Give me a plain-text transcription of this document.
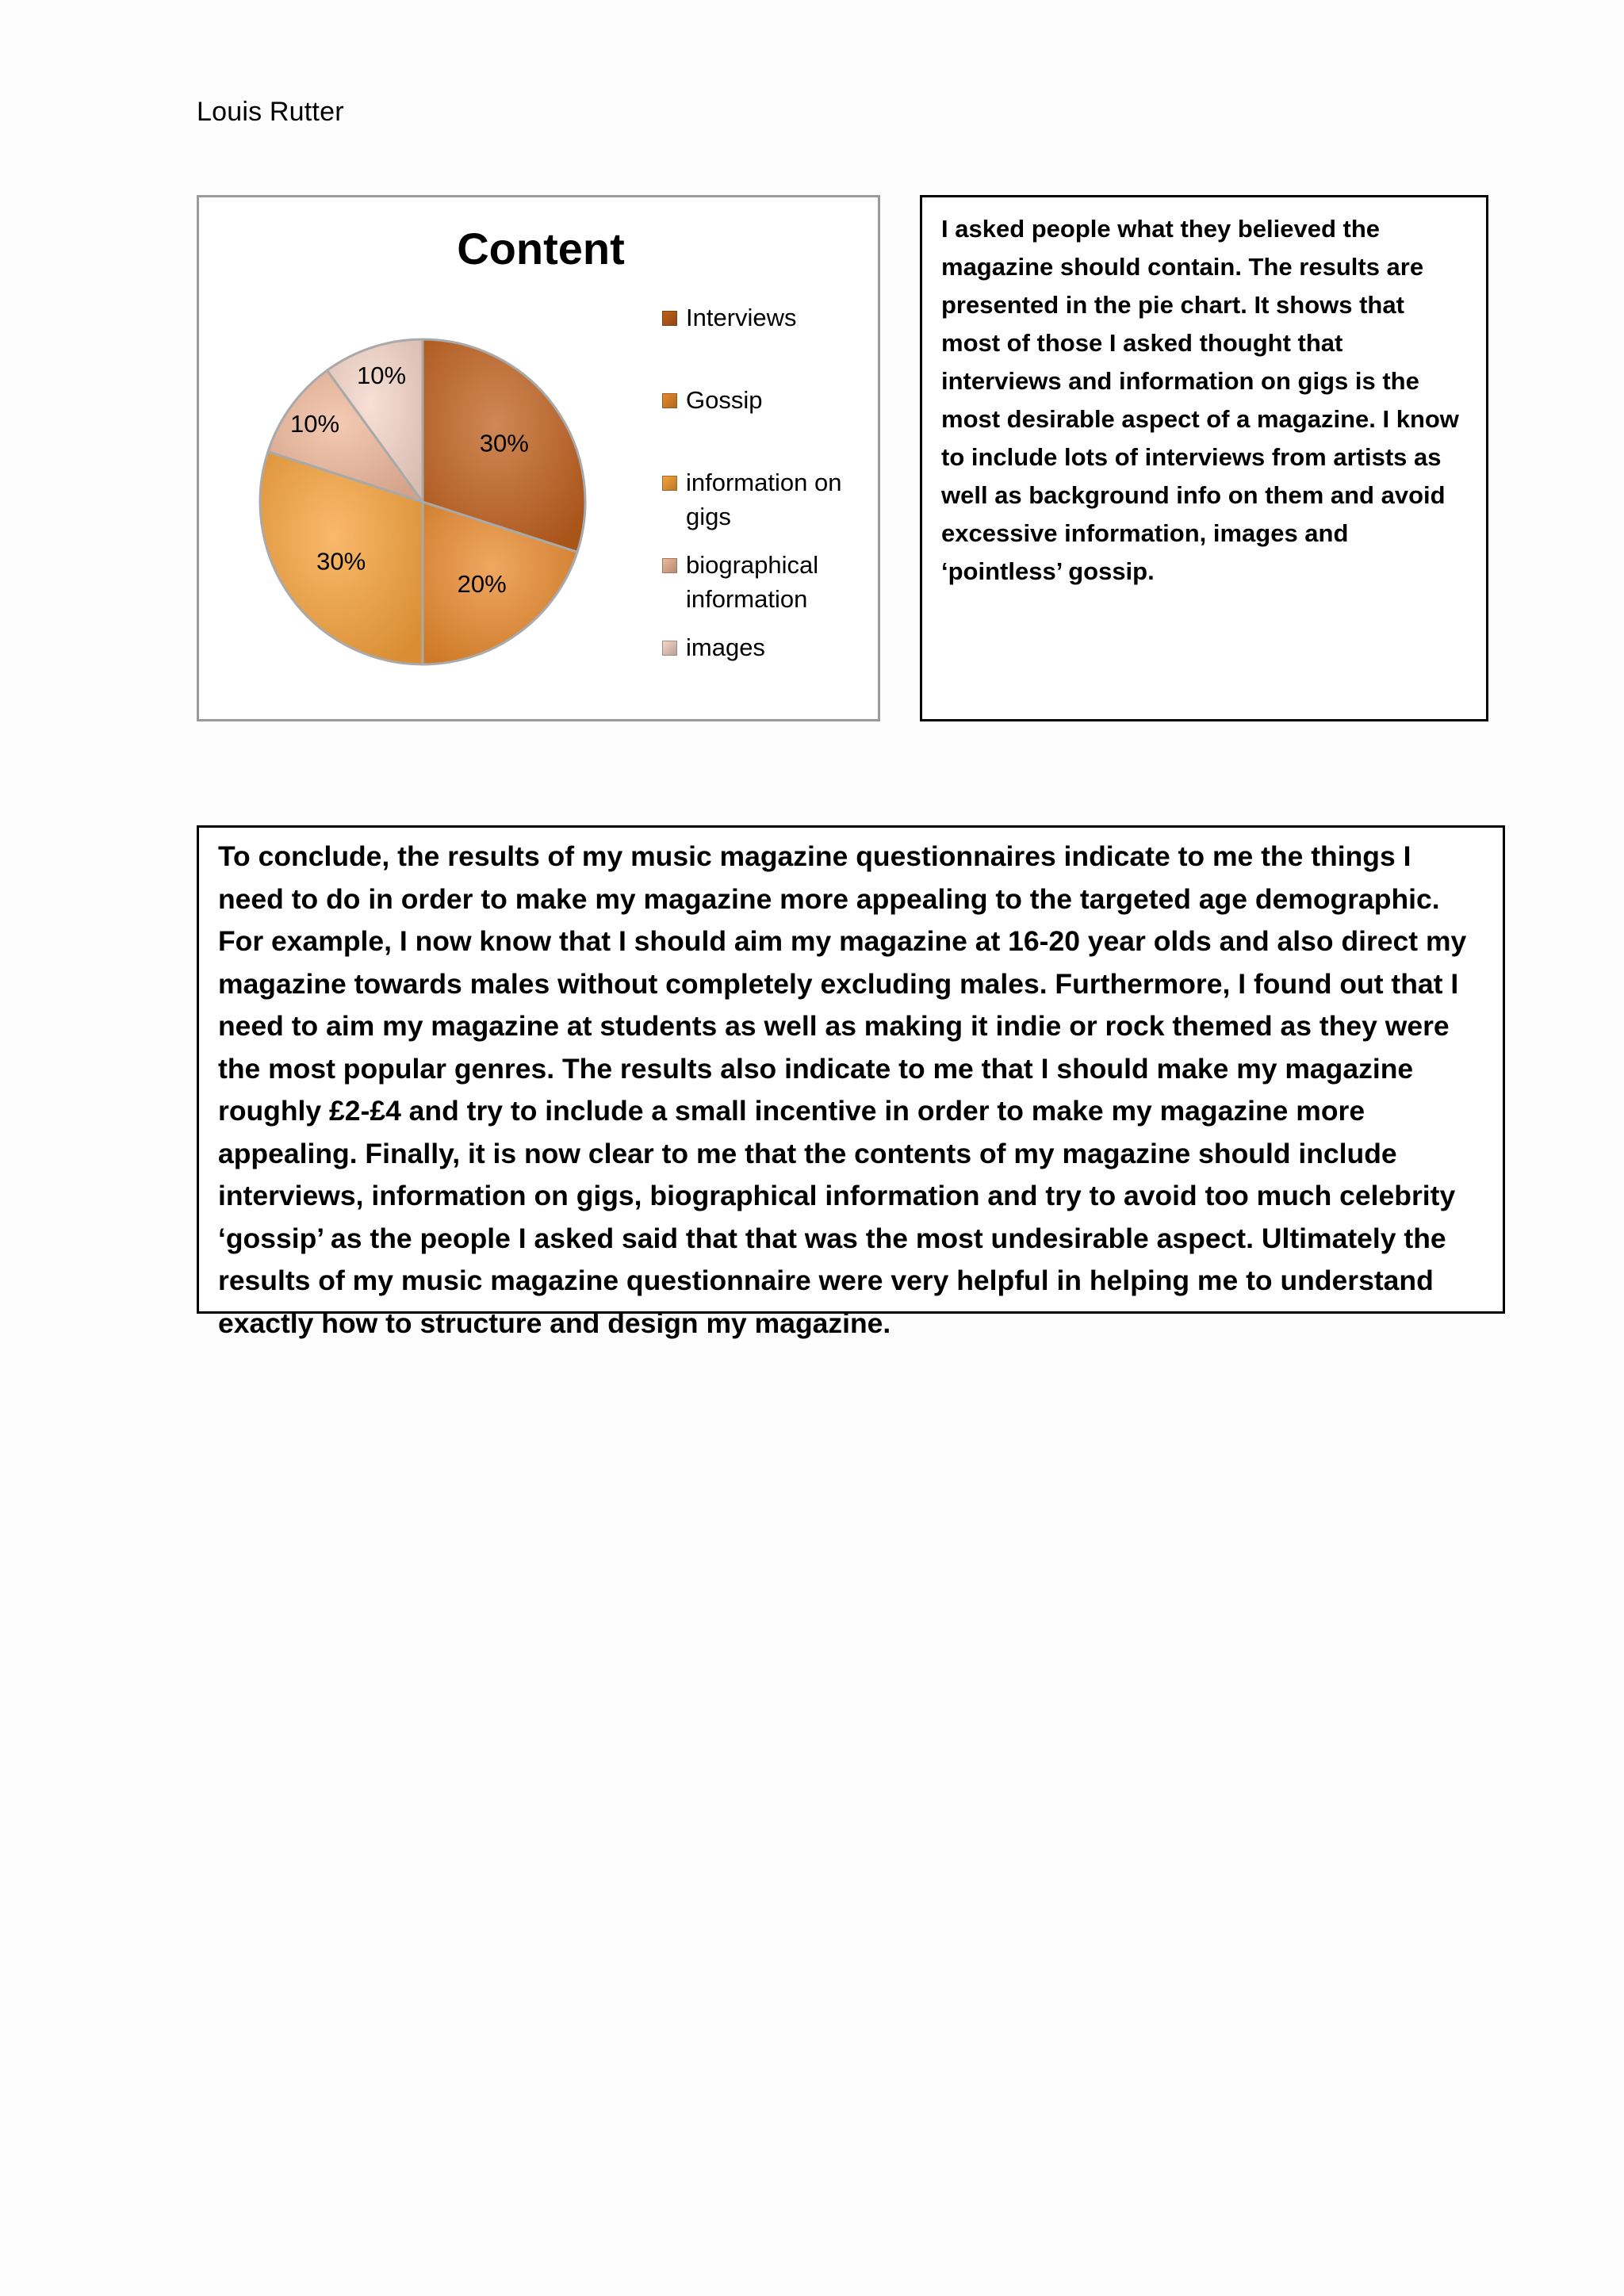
Louis Rutter
Content
30%
20%
30%
10%
10%
Interviews
Gossip
information on
gigs
biographical
information
images
I asked people what they believed the magazine should contain. The results are presented in the pie chart. It shows that most of those I asked thought that interviews and information on gigs is the most desirable aspect of a magazine. I know to include lots of interviews from artists as well as background info on them and avoid excessive information, images and ‘pointless’ gossip.
To conclude, the results of my music magazine questionnaires indicate to me the things I need to do in order to make my magazine more appealing to the targeted age demographic. For example, I now know that I should aim my magazine at 16-20 year olds and also direct my magazine towards males without completely excluding males. Furthermore, I found out that I need to aim my magazine at students as well as making it indie or rock themed as they were the most popular genres. The results also indicate to me that I should make my magazine roughly £2-£4 and try to include a small incentive in order to make my magazine more appealing. Finally, it is now clear to me that the contents of my magazine should include interviews, information on gigs, biographical information and try to avoid too much celebrity ‘gossip’ as the people I asked said that that was the most undesirable aspect. Ultimately the results of my music magazine questionnaire were very helpful in helping me to understand exactly how to structure and design my magazine.
